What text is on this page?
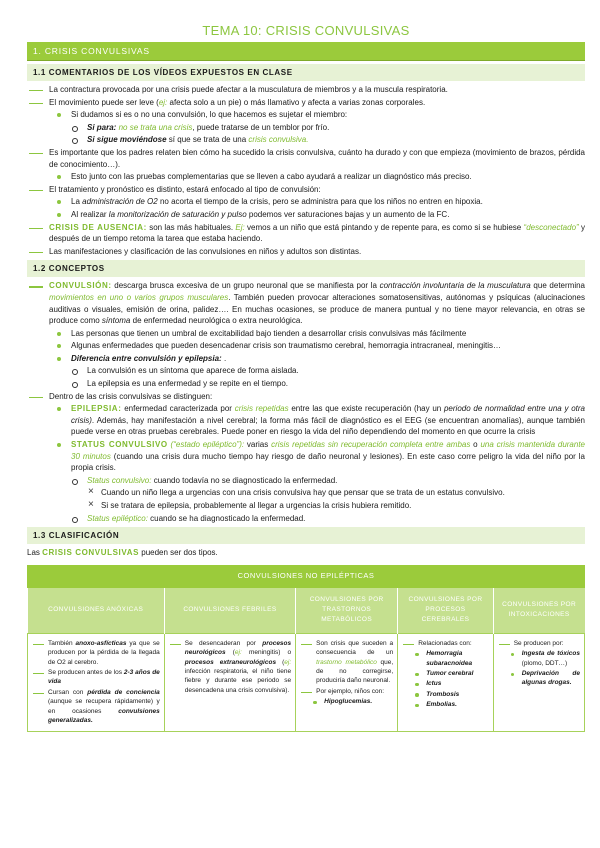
TEMA 10: CRISIS CONVULSIVAS
1. CRISIS CONVULSIVAS
1.1 COMENTARIOS DE LOS VÍDEOS EXPUESTOS EN CLASE
La contractura provocada por una crisis puede afectar a la musculatura de miembros y a la muscula respiratoria.
El movimiento puede ser leve (ej: afecta solo a un pie) o más llamativo y afecta a varias zonas corporales.
Si dudamos si es o no una convulsión, lo que hacemos es sujetar el miembro:
Si para: no se trata una crisis, puede tratarse de un temblor por frío.
Si sigue moviéndose sí que se trata de una crisis convulsiva.
Es importante que los padres relaten bien cómo ha sucedido la crisis convulsiva, cuánto ha durado y con que empieza (movimiento de brazos, pérdida de conocimiento…).
Esto junto con las pruebas complementarias que se lleven a cabo ayudará a realizar un diagnóstico más preciso.
El tratamiento y pronóstico es distinto, estará enfocado al tipo de convulsión:
La administración de O2 no acorta el tiempo de la crisis, pero se administra para que los niños no entren en hipoxia.
Al realizar la monitorización de saturación y pulso podemos ver saturaciones bajas y un aumento de la FC.
CRISIS DE AUSENCIA: son las más habituales. Ej: vemos a un niño que está pintando y de repente para, es como si se hubiese “desconectado” y después de un tiempo retoma la tarea que estaba haciendo.
Las manifestaciones y clasificación de las convulsiones en niños y adultos son distintas.
1.2 CONCEPTOS
CONVULSIÓN: descarga brusca excesiva de un grupo neuronal que se manifiesta por la contracción involuntaria de la musculatura que determina movimientos en uno o varios grupos musculares. También pueden provocar alteraciones somatosensitivas, autónomas y psíquicas (alucinaciones auditivas o visuales, emisión de orina, palidez…. En muchas ocasiones, se produce de manera puntual y no tiene mayor relevancia, en otras se produce como síntoma de enfermedad neurológica o extra neurológica.
Las personas que tienen un umbral de excitabilidad bajo tienden a desarrollar crisis convulsivas más fácilmente
Algunas enfermedades que pueden desencadenar crisis son traumatismo cerebral, hemorragia intracraneal, meningitis…
Diferencia entre convulsión y epilepsia: .
La convulsión es un síntoma que aparece de forma aislada.
La epilepsia es una enfermedad y se repite en el tiempo.
Dentro de las crisis convulsivas se distinguen:
EPILEPSIA: enfermedad caracterizada por crisis repetidas entre las que existe recuperación (hay un periodo de normalidad entre una y otra crisis). Además, hay manifestación a nivel cerebral; la forma más fácil de diagnóstico es el EEG (se encuentran anomalías), aunque también puede verse en otras pruebas cerebrales. Puede poner en riesgo la vida del niño dependiendo del momento en que ocurre la crisis
STATUS CONVULSIVO (“estado epiléptico”): varias crisis repetidas sin recuperación completa entre ambas o una crisis mantenida durante 30 minutos (cuando una crisis dura mucho tiempo hay riesgo de daño neuronal y lesiones). En este caso corre peligro la vida del niño por la propia crisis.
Status convulsivo: cuando todavía no se diagnosticado la enfermedad.
× Cuando un niño llega a urgencias con una crisis convulsiva hay que pensar que se trata de un estatus convulsivo.
× Si se tratara de epilepsia, probablemente al llegar a urgencias la crisis hubiera remitido.
Status epiléptico: cuando se ha diagnosticado la enfermedad.
1.3 CLASIFICACIÓN
Las CRISIS CONVULSIVAS pueden ser dos tipos.
CONVULSIONES NO EPILÉPTICAS				
CONVULSIONES ANÓXICAS	CONVULSIONES FEBRILES	CONVULSIONES POR TRASTORNOS METABÓLICOS	CONVULSIONES POR PROCESOS CEREBRALES	CONVULSIONES POR INTOXICACIONES

También anoxo-asfícticas ya que se producen por la pérdida de la llegada de O2 al cerebro.
Se producen antes de los 2-3 años de vida
Cursan con pérdida de conciencia (aunque se recupera rápidamente) y en ocasiones convulsiones generalizadas.

Se desencaderan por procesos neurológicos (ej: meningitis) o procesos extraneurológicos (ej: infección respiratoria, el niño tiene fiebre y durante ese periodo se desencadena una crisis convulsiva).

Son crisis que suceden a consecuencia de un trastorno metabólico que, de no corregirse, produciría daño neuronal.
Por ejemplo, niños con:
Hipoglucemias.

Relacionadas con:
Hemorragia subaracnoidea
Tumor cerebral
Ictus
Trombosis
Embolias.

Se producen por:
Ingesta de tóxicos (plomo, DDT…)
Deprivación de algunas drogas.
